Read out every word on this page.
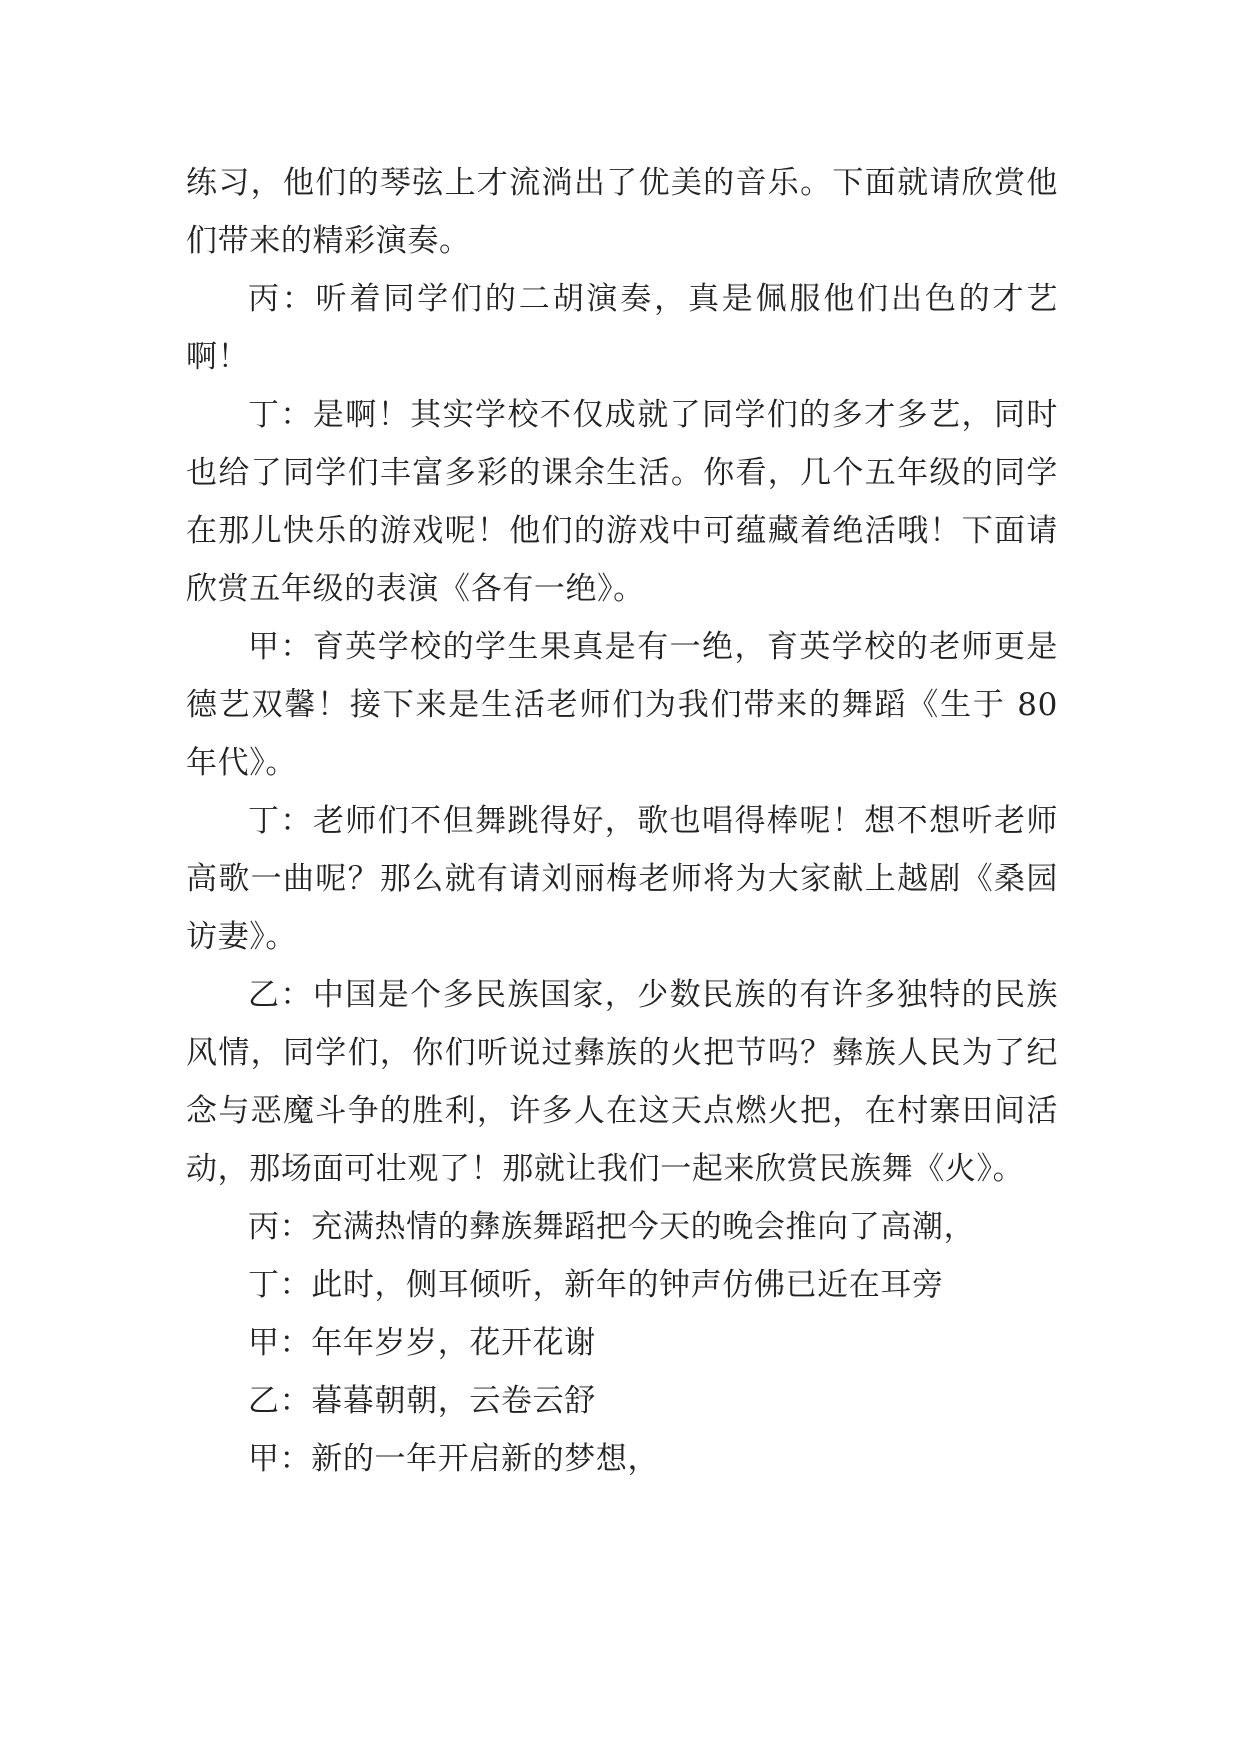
练习，他们的琴弦上才流淌出了优美的音乐。下面就请欣赏他们带来的精彩演奏。

丙：听着同学们的二胡演奏，真是佩服他们出色的才艺啊！

丁：是啊！其实学校不仅成就了同学们的多才多艺，同时也给了同学们丰富多彩的课余生活。你看，几个五年级的同学在那儿快乐的游戏呢！他们的游戏中可蕴藏着绝活哦！下面请欣赏五年级的表演《各有一绝》。

甲：育英学校的学生果真是有一绝，育英学校的老师更是德艺双馨！接下来是生活老师们为我们带来的舞蹈《生于 80 年代》。

丁：老师们不但舞跳得好，歌也唱得棒呢！想不想听老师高歌一曲呢？那么就有请刘丽梅老师将为大家献上越剧《桑园访妻》。

乙：中国是个多民族国家，少数民族的有许多独特的民族风情，同学们，你们听说过彝族的火把节吗？彝族人民为了纪念与恶魔斗争的胜利，许多人在这天点燃火把，在村寨田间活动，那场面可壮观了！那就让我们一起来欣赏民族舞《火》。

丙：充满热情的彝族舞蹈把今天的晚会推向了高潮，

丁：此时，侧耳倾听，新年的钟声仿佛已近在耳旁

甲：年年岁岁，花开花谢

乙：暮暮朝朝，云卷云舒

甲：新的一年开启新的梦想，
